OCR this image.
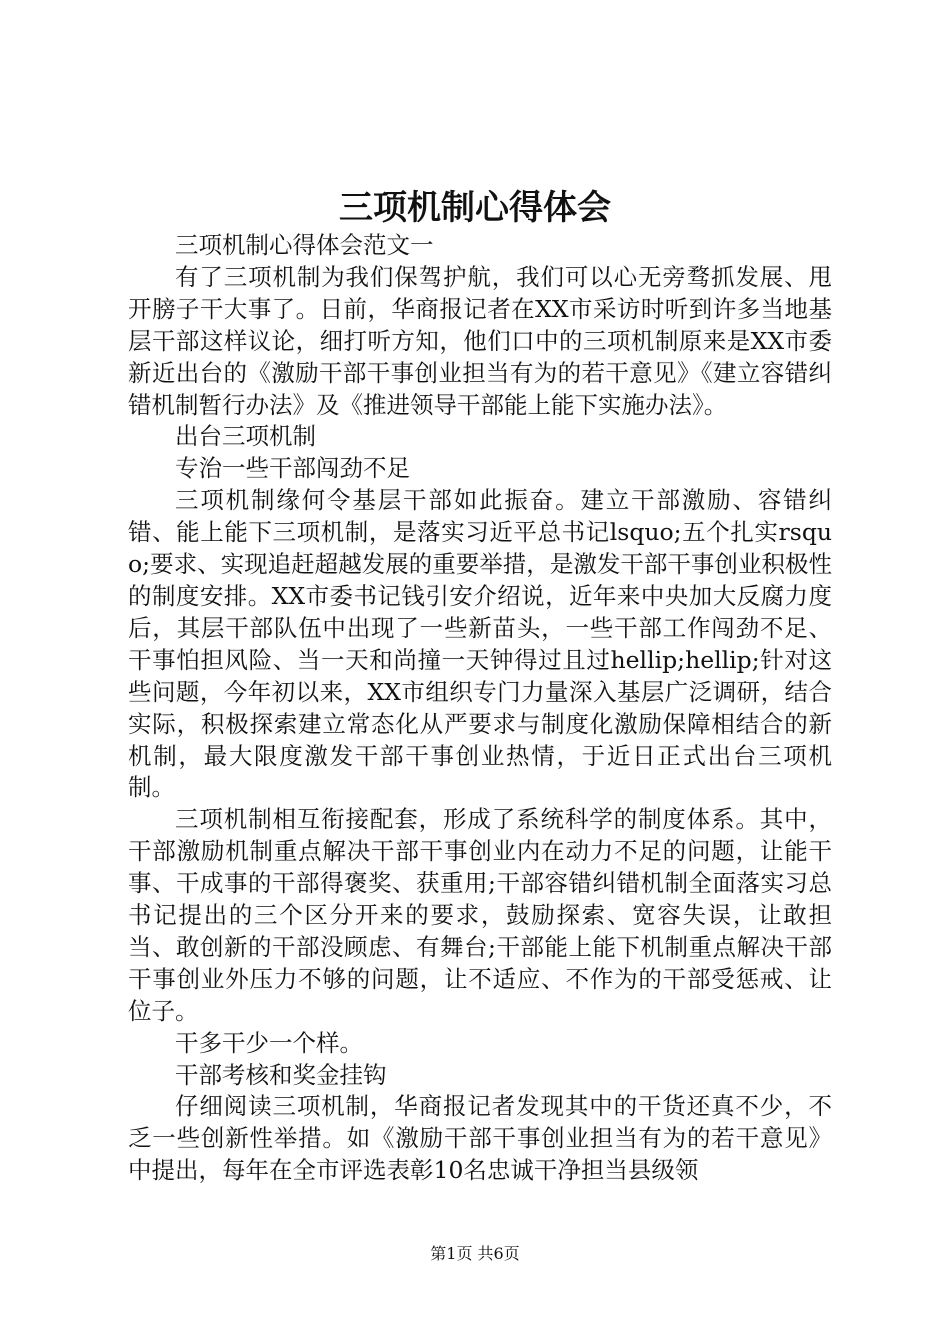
三项机制心得体会

三项机制心得体会范文一

有了三项机制为我们保驾护航，我们可以心无旁骛抓发展、甩开膀子干大事了。日前，华商报记者在XX市采访时听到许多当地基层干部这样议论，细打听方知，他们口中的三项机制原来是XX市委新近出台的《激励干部干事创业担当有为的若干意见》《建立容错纠错机制暂行办法》及《推进领导干部能上能下实施办法》。

出台三项机制

专治一些干部闯劲不足

三项机制缘何令基层干部如此振奋。建立干部激励、容错纠错、能上能下三项机制，是落实习近平总书记lsquo;五个扎实rsquo;要求、实现追赶超越发展的重要举措，是激发干部干事创业积极性的制度安排。XX市委书记钱引安介绍说，近年来中央加大反腐力度后，其层干部队伍中出现了一些新苗头，一些干部工作闯劲不足、干事怕担风险、当一天和尚撞一天钟得过且过hellip;hellip;针对这些问题，今年初以来，XX市组织专门力量深入基层广泛调研，结合实际，积极探索建立常态化从严要求与制度化激励保障相结合的新机制，最大限度激发干部干事创业热情，于近日正式出台三项机制。

三项机制相互衔接配套，形成了系统科学的制度体系。其中，干部激励机制重点解决干部干事创业内在动力不足的问题，让能干事、干成事的干部得褒奖、获重用;干部容错纠错机制全面落实习总书记提出的三个区分开来的要求，鼓励探索、宽容失误，让敢担当、敢创新的干部没顾虑、有舞台;干部能上能下机制重点解决干部干事创业外压力不够的问题，让不适应、不作为的干部受惩戒、让位子。

干多干少一个样。

干部考核和奖金挂钩

仔细阅读三项机制，华商报记者发现其中的干货还真不少，不乏一些创新性举措。如《激励干部干事创业担当有为的若干意见》中提出，每年在全市评选表彰10名忠诚干净担当县级领

第1页 共6页
